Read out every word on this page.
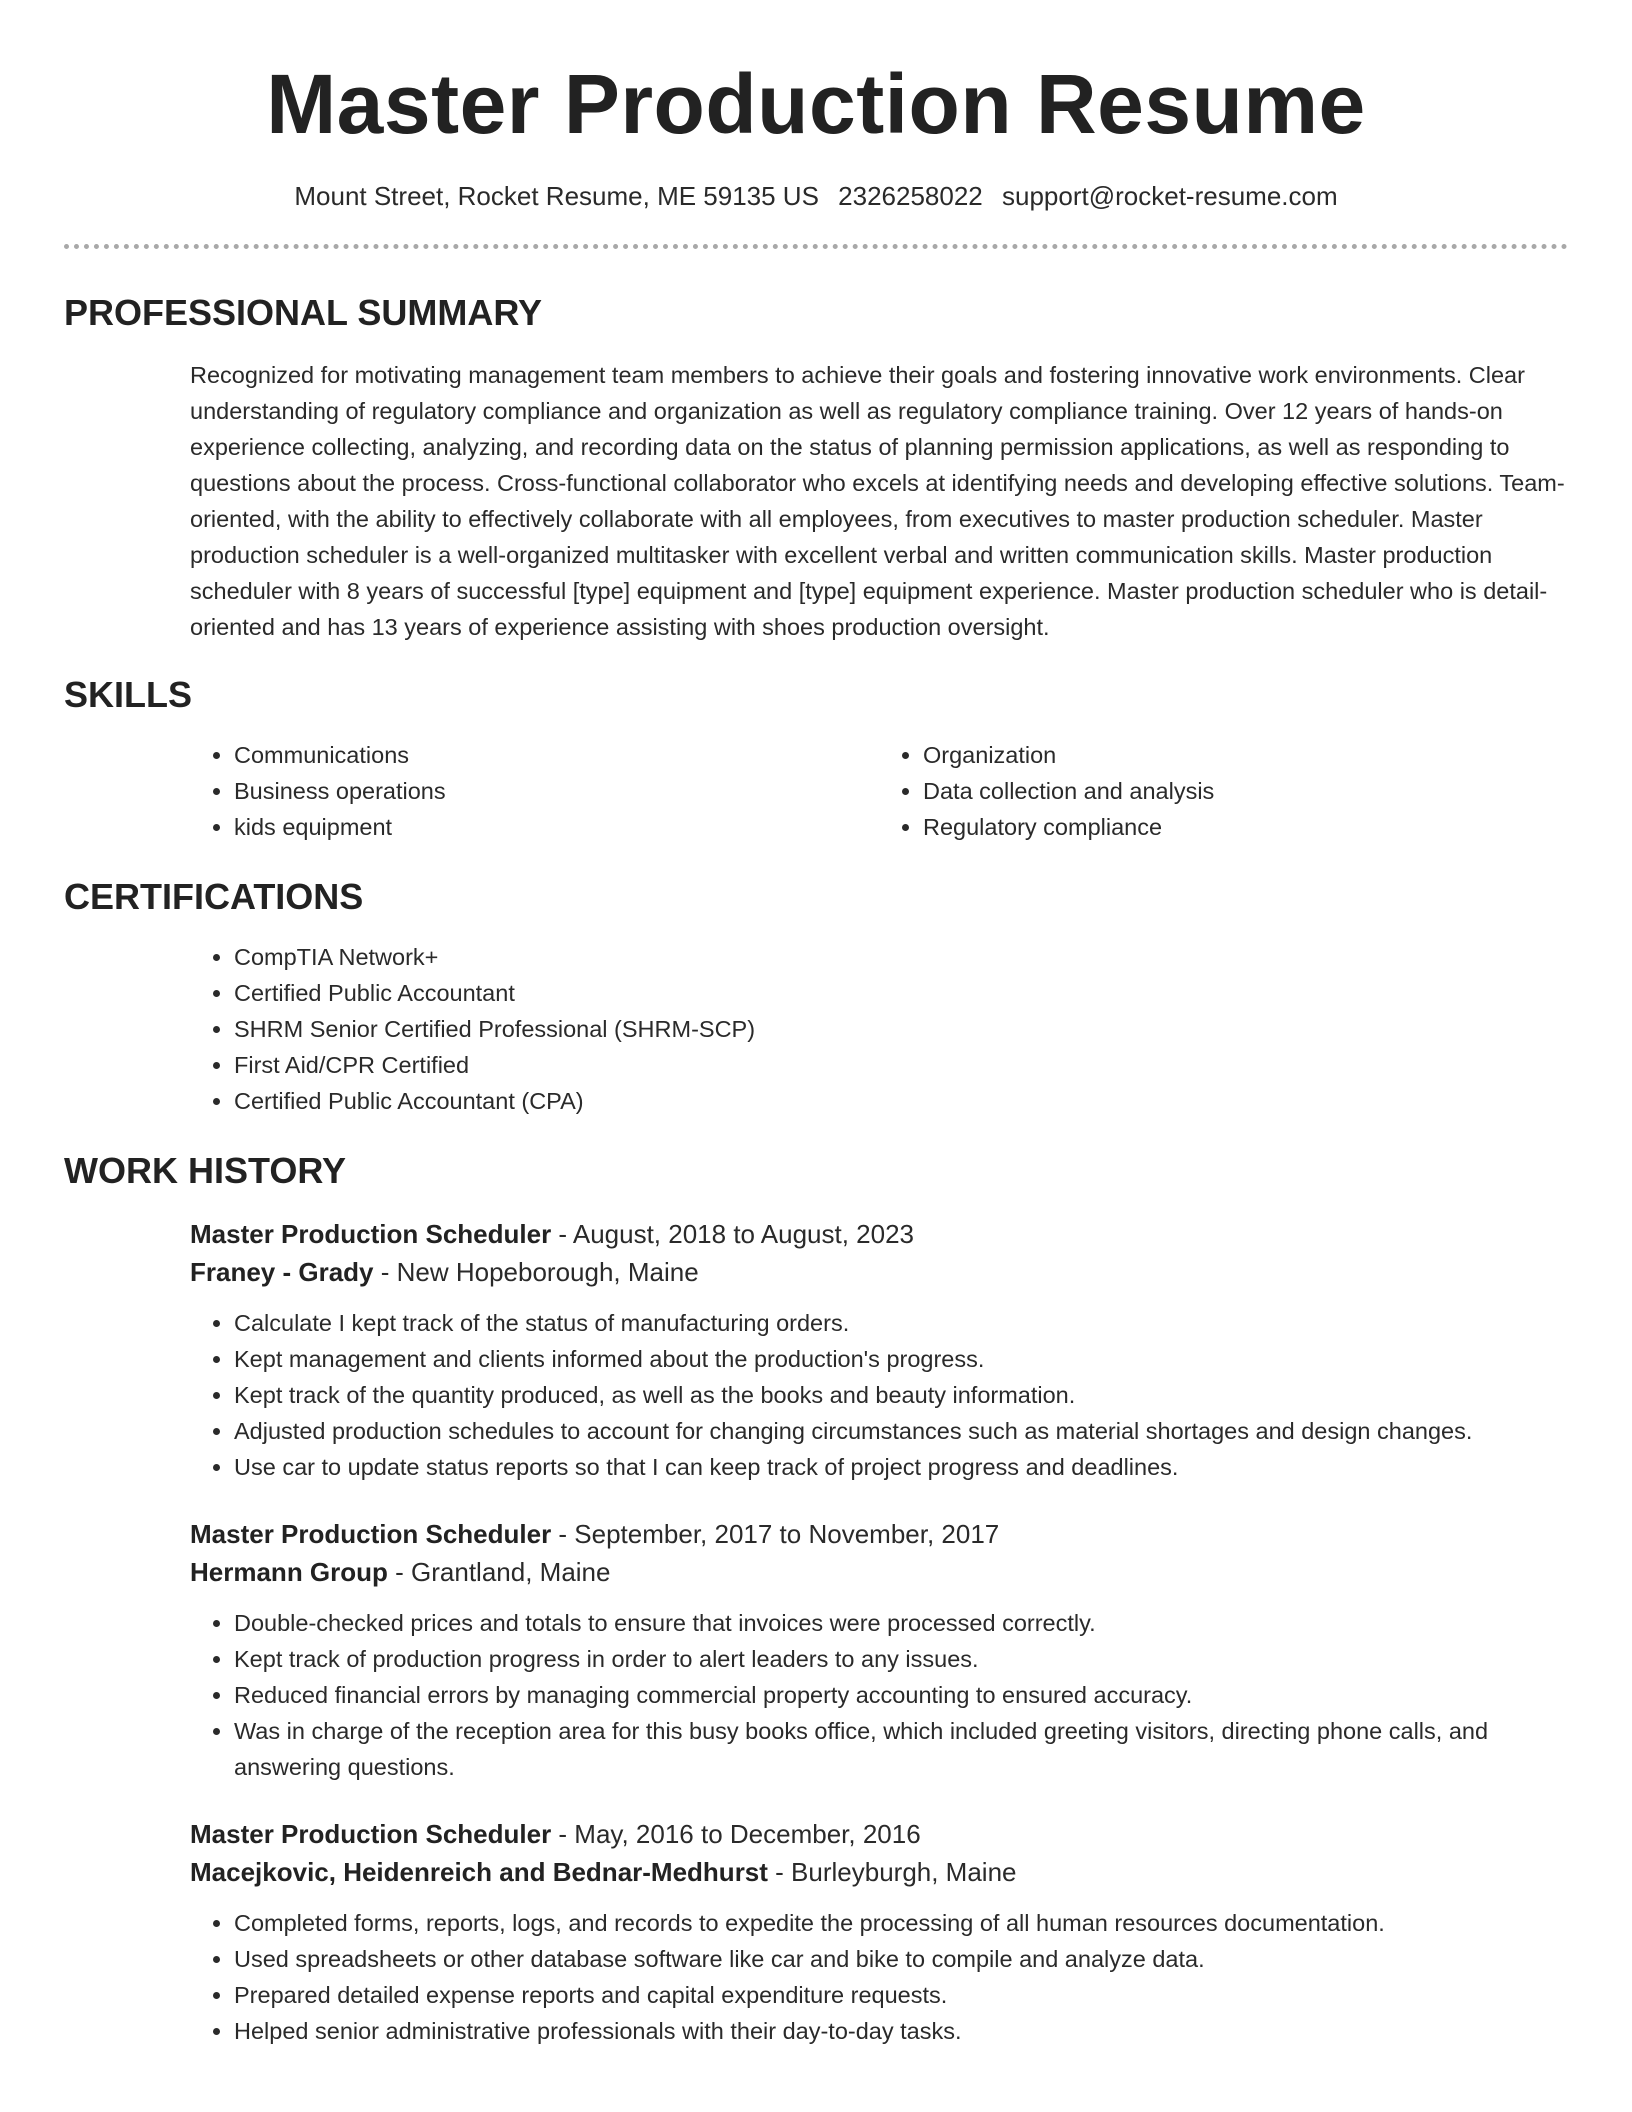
Master Production Resume
Mount Street, Rocket Resume, ME 59135 US 2326258022 support@rocket-resume.com
PROFESSIONAL SUMMARY

Recognized for motivating management team members to achieve their goals and fostering innovative work environments. Clear understanding of regulatory compliance and organization as well as regulatory compliance training. Over 12 years of hands-on experience collecting, analyzing, and recording data on the status of planning permission applications, as well as responding to questions about the process. Cross-functional collaborator who excels at identifying needs and developing effective solutions. Team-oriented, with the ability to effectively collaborate with all employees, from executives to master production scheduler. Master production scheduler is a well-organized multitasker with excellent verbal and written communication skills. Master production scheduler with 8 years of successful [type] equipment and [type] equipment experience. Master production scheduler who is detail-oriented and has 13 years of experience assisting with shoes production oversight.

SKILLS
• Communications
• Business operations
• kids equipment
• Organization
• Data collection and analysis
• Regulatory compliance
CERTIFICATIONS
• CompTIA Network+
• Certified Public Accountant
• SHRM Senior Certified Professional (SHRM-SCP)
• First Aid/CPR Certified
• Certified Public Accountant (CPA)
WORK HISTORY
Master Production Scheduler - August, 2018 to August, 2023
Franey - Grady - New Hopeborough, Maine
• Calculate I kept track of the status of manufacturing orders.
• Kept management and clients informed about the production's progress.
• Kept track of the quantity produced, as well as the books and beauty information.
• Adjusted production schedules to account for changing circumstances such as material shortages and design changes.
• Use car to update status reports so that I can keep track of project progress and deadlines.
Master Production Scheduler - September, 2017 to November, 2017
Hermann Group - Grantland, Maine
• Double-checked prices and totals to ensure that invoices were processed correctly.
• Kept track of production progress in order to alert leaders to any issues.
• Reduced financial errors by managing commercial property accounting to ensured accuracy.
• Was in charge of the reception area for this busy books office, which included greeting visitors, directing phone calls, and answering questions.
Master Production Scheduler - May, 2016 to December, 2016
Macejkovic, Heidenreich and Bednar-Medhurst - Burleyburgh, Maine
• Completed forms, reports, logs, and records to expedite the processing of all human resources documentation.
• Used spreadsheets or other database software like car and bike to compile and analyze data.
• Prepared detailed expense reports and capital expenditure requests.
• Helped senior administrative professionals with their day-to-day tasks.
